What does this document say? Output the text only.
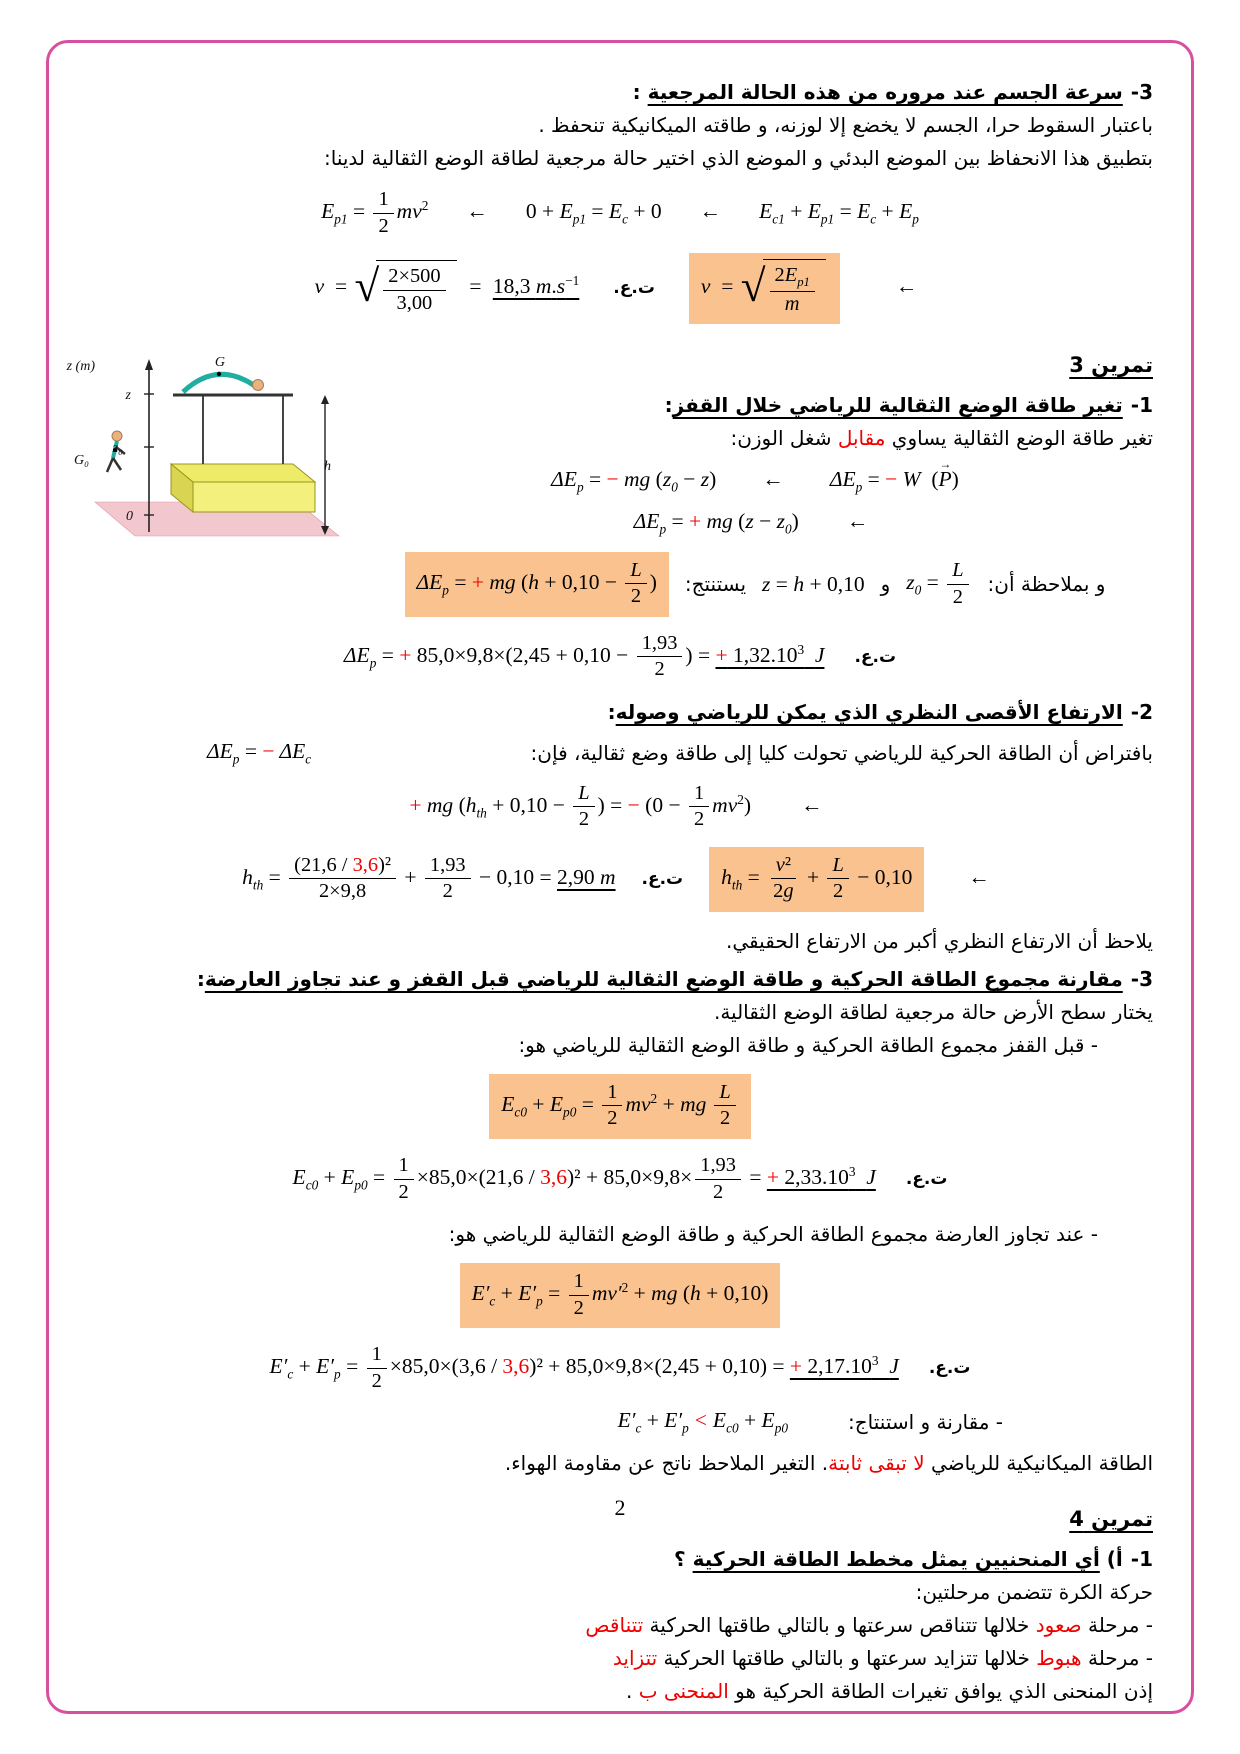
-3سرعة الجسم عند مروره من هذه الحالة المرجعية :
باعتبار السقوط حرا، الجسم لا يخضع إلا لوزنه، و طاقته الميكانيكية تنحفظ .
بتطبيق هذا الانحفاظ بين الموضع البدئي و الموضع الذي اختير حالة مرجعية لطاقة الوضع الثقالية لدينا:
$E_{p1} = \frac{1}{2} mv^2$ ← $0 + E_{p1} = E_c + 0$ ← $E_{c1} + E_{p1} = E_c + E_p$
v  = √ $\frac{2\times 500}{3,00} = 18,3$ $m.s^{-1}$ ت.ع. v  = √ $\frac{2E_{p1}}{m}$	←
z (m)
z
G
z₀
G₀
0
h
تمرين 3
-1تغير طاقة الوضع الثقالية للرياضي خلال القفز:
تغير طاقة الوضع الثقالية يساوي مقابل شغل الوزن:
$\Delta E_p$ = − mg $(z_0 - z)$ ← $\Delta E_p$ = − W  (P →)
$\Delta E_p$ = + mg $(z - z_0)$ ←
و بملاحظة أن:
$z_0 = \frac{L}{2}$
و
z = h + 0,10
يستنتج:
$\Delta E_p$ = + mg ($h + 0,10 - \frac{L}{2}$ )
$\Delta E_p$ = + $85,0\times 9,8\times(2,45 + 0,10 - \frac{1,93}{2}$ ) = + $1,32.10^3$ J ت.ع.
-2الارتفاع الأقصى النظري الذي يمكن للرياضي وصوله:
بافتراض أن الطاقة الحركية للرياضي تحولت كليا إلى طاقة وضع ثقالية، فإن:
$\Delta E_p$ = − $\Delta E_c$
+ mg ($h_{th} + 0,10 - \frac{L}{2}$ ) = − $(0 - \frac{1}{2} mv^2)$ ←
$h_{th} = \frac{\text{(21,6 / 3,6)²}}{2\times 9,8} + \frac{1,93}{2} - 0,10 = 2,90$ m ت.ع. $h_{th} = \frac{\text{v²}}{2g} + \frac{L}{2} - 0,10$	←
يلاحظ أن الارتفاع النظري أكبر من الارتفاع الحقيقي.
-3مقارنة مجموع الطاقة الحركية و طاقة الوضع الثقالية للرياضي قبل القفز و عند تجاوز العارضة:
يختار سطح الأرض حالة مرجعية لطاقة الوضع الثقالية.
- قبل القفز مجموع الطاقة الحركية و طاقة الوضع الثقالية للرياضي هو:
$E_{c0} + E_{p0} = \frac{1}{2} mv^2$ + mg $\frac{L}{2}$
$E_{c0} + E_{p0} = \frac{1}{2} \times 85,0\times(21,6 / 3,6)^2 + 85,0\times 9,8\times \frac{1,93}{2}$ = + $2,33.10^3$ J ت.ع.
- عند تجاوز العارضة مجموع الطاقة الحركية و طاقة الوضع الثقالية للرياضي هو:
$E'_c + E'_p = \frac{1}{2} mv'^2$ + mg (h + 0,10)
$E'_c + E'_p = \frac{1}{2} \times 85,0\times(3,6 / 3,6)^2 + 85,0\times 9,8\times(2,45 + 0,10)$ = + $2,17.10^3$ J ت.ع.
- مقارنة و استنتاج:
$E'_c + E'_p < E_{c0} + E_{p0}$
الطاقة الميكانيكية للرياضي لا تبقى ثابتة. التغير الملاحظ ناتج عن مقاومة الهواء.
تمرين 4
-1أ) أي المنحنيين يمثل مخطط الطاقة الحركية ؟
حركة الكرة تتضمن مرحلتين:
- مرحلة صعود خلالها تتناقص سرعتها و بالتالي طاقتها الحركية تتناقص
- مرحلة هبوط خلالها تتزايد سرعتها و بالتالي طاقتها الحركية تتزايد
إذن المنحنى الذي يوافق تغيرات الطاقة الحركية هو المنحنى ب .
2
